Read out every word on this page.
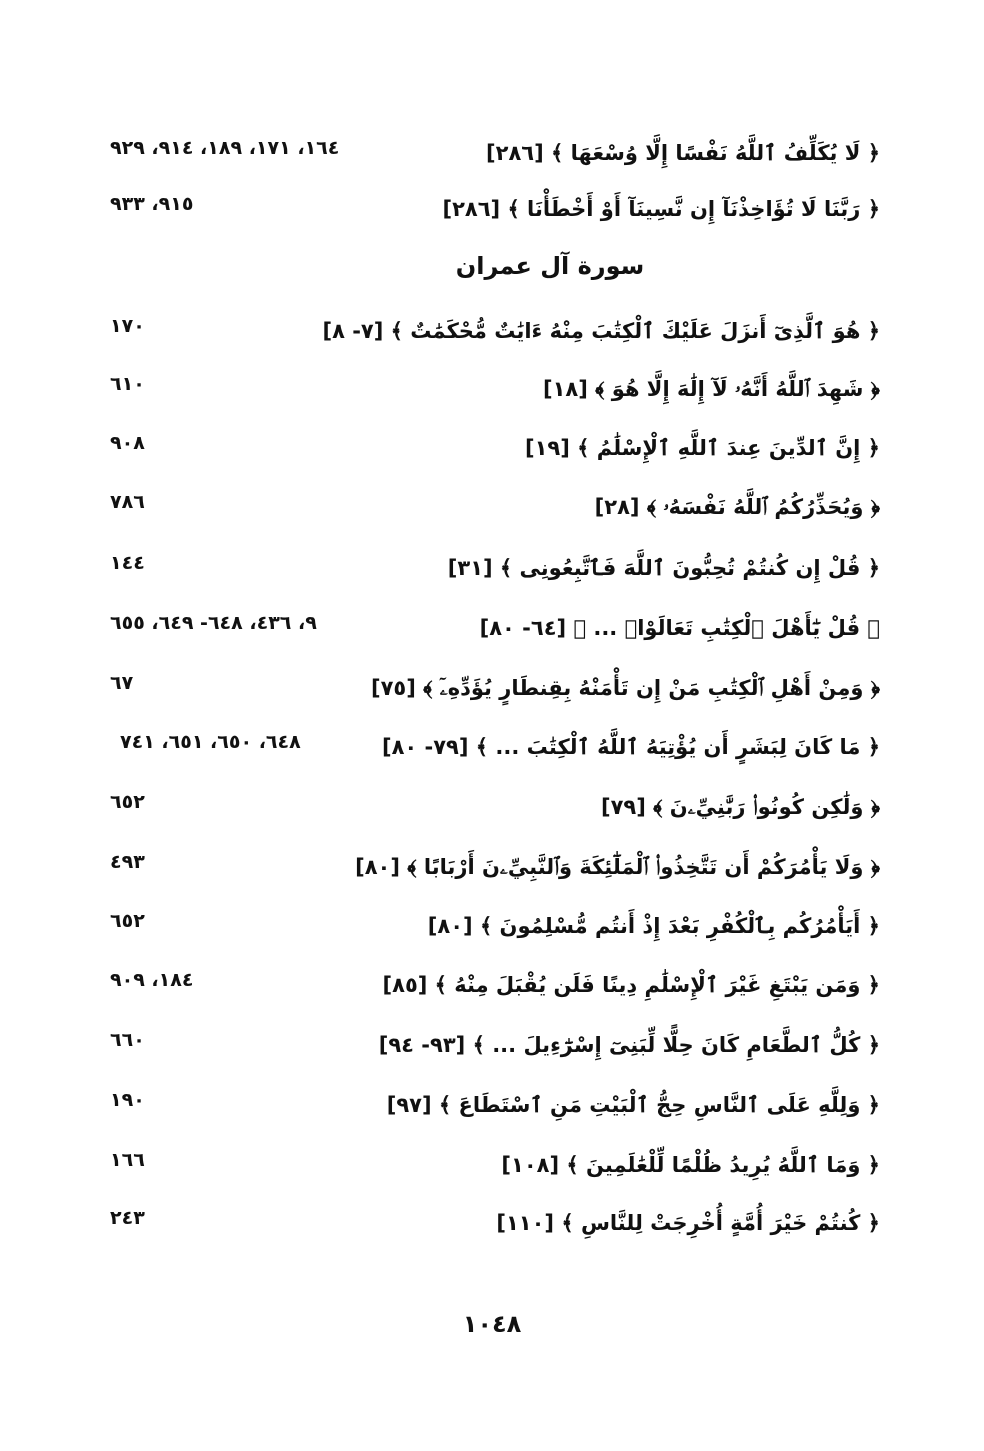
﴿ لَا يُكَلِّفُ ٱللَّهُ نَفْسًا إِلَّا وُسْعَهَا ﴾ [٢٨٦]
١٦٤، ١٧١، ١٨٩، ٩١٤، ٩٢٩
﴿ رَبَّنَا لَا تُؤَاخِذْنَآ إِن نَّسِينَآ أَوْ أَخْطَأْنَا ﴾ [٢٨٦]
٩١٥، ٩٣٣
سورة آل عمران
﴿ هُوَ ٱلَّذِىٓ أَنزَلَ عَلَيْكَ ٱلْكِتَٰبَ مِنْهُ ءَايَٰتٌ مُّحْكَمَٰتٌ ﴾ [٧- ٨]
١٧٠
﴿ شَهِدَ ٱللَّهُ أَنَّهُۥ لَآ إِلَٰهَ إِلَّا هُوَ ﴾ [١٨]
٦١٠
﴿ إِنَّ ٱلدِّينَ عِندَ ٱللَّهِ ٱلْإِسْلَٰمُ ﴾ [١٩]
٩٠٨
﴿ وَيُحَذِّرُكُمُ ٱللَّهُ نَفْسَهُۥ ﴾ [٢٨]
٧٨٦
﴿ قُلْ إِن كُنتُمْ تُحِبُّونَ ٱللَّهَ فَٱتَّبِعُونِى ﴾ [٣١]
١٤٤
﴿ قُلْ يَٰٓأَهْلَ ٱلْكِتَٰبِ تَعَالَوْا۟ ... ﴾ [٦٤- ٨٠]
٩، ٤٣٦، ٦٤٨- ٦٤٩، ٦٥٥
﴿ وَمِنْ أَهْلِ ٱلْكِتَٰبِ مَنْ إِن تَأْمَنْهُ بِقِنطَارٍ يُؤَدِّهِۦٓ ﴾ [٧٥]
٦٧
﴿ مَا كَانَ لِبَشَرٍ أَن يُؤْتِيَهُ ٱللَّهُ ٱلْكِتَٰبَ ... ﴾ [٧٩- ٨٠]
٦٤٨، ٦٥٠، ٦٥١، ٧٤١
﴿ وَلَٰكِن كُونُوا۟ رَبَّٰنِيِّۦنَ ﴾ [٧٩]
٦٥٢
﴿ وَلَا يَأْمُرَكُمْ أَن تَتَّخِذُوا۟ ٱلْمَلَٰٓئِكَةَ وَٱلنَّبِيِّۦنَ أَرْبَابًا ﴾ [٨٠]
٤٩٣
﴿ أَيَأْمُرُكُم بِٱلْكُفْرِ بَعْدَ إِذْ أَنتُم مُّسْلِمُونَ ﴾ [٨٠]
٦٥٢
﴿ وَمَن يَبْتَغِ غَيْرَ ٱلْإِسْلَٰمِ دِينًا فَلَن يُقْبَلَ مِنْهُ ﴾ [٨٥]
١٨٤، ٩٠٩
﴿ كُلُّ ٱلطَّعَامِ كَانَ حِلًّا لِّبَنِىٓ إِسْرَٰٓءِيلَ ... ﴾ [٩٣- ٩٤]
٦٦٠
﴿ وَلِلَّهِ عَلَى ٱلنَّاسِ حِجُّ ٱلْبَيْتِ مَنِ ٱسْتَطَاعَ ﴾ [٩٧]
١٩٠
﴿ وَمَا ٱللَّهُ يُرِيدُ ظُلْمًا لِّلْعَٰلَمِينَ ﴾ [١٠٨]
١٦٦
﴿ كُنتُمْ خَيْرَ أُمَّةٍ أُخْرِجَتْ لِلنَّاسِ ﴾ [١١٠]
٢٤٣
١٠٤٨
